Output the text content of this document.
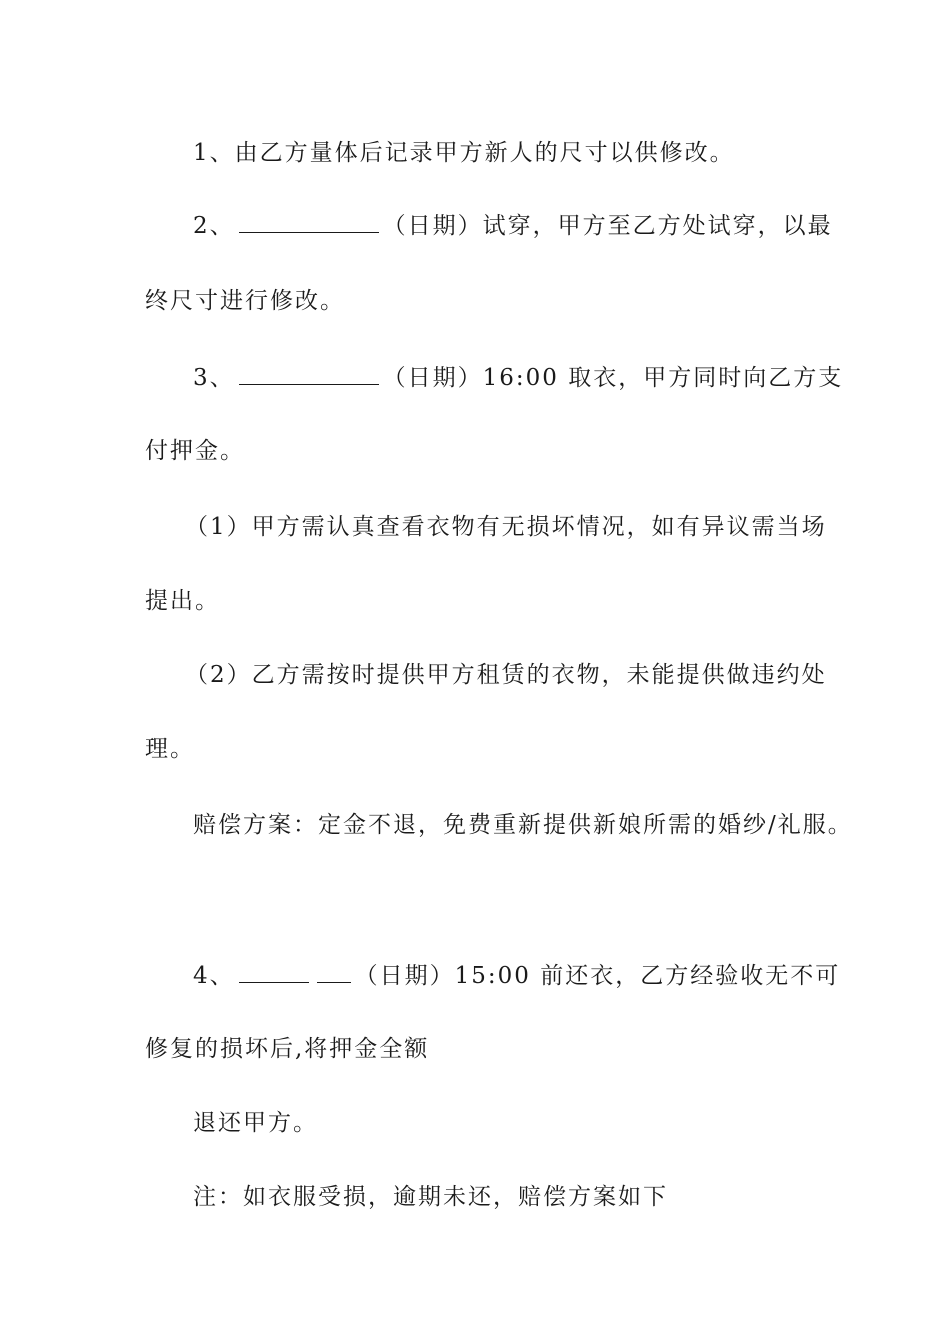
1、由乙方量体后记录甲方新人的尺寸以供修改。
2、	（日期）试穿，甲方至乙方处试穿，以最
终尺寸进行修改。
3、	（日期）16:00 取衣，甲方同时向乙方支
付押金。
（1）甲方需认真查看衣物有无损坏情况，如有异议需当场
提出。
（2）乙方需按时提供甲方租赁的衣物，未能提供做违约处
理。
赔偿方案：定金不退，免费重新提供新娘所需的婚纱/礼服。
4、	（日期）15:00 前还衣，乙方经验收无不可
修复的损坏后,将押金全额
退还甲方。
注：如衣服受损，逾期未还，赔偿方案如下
